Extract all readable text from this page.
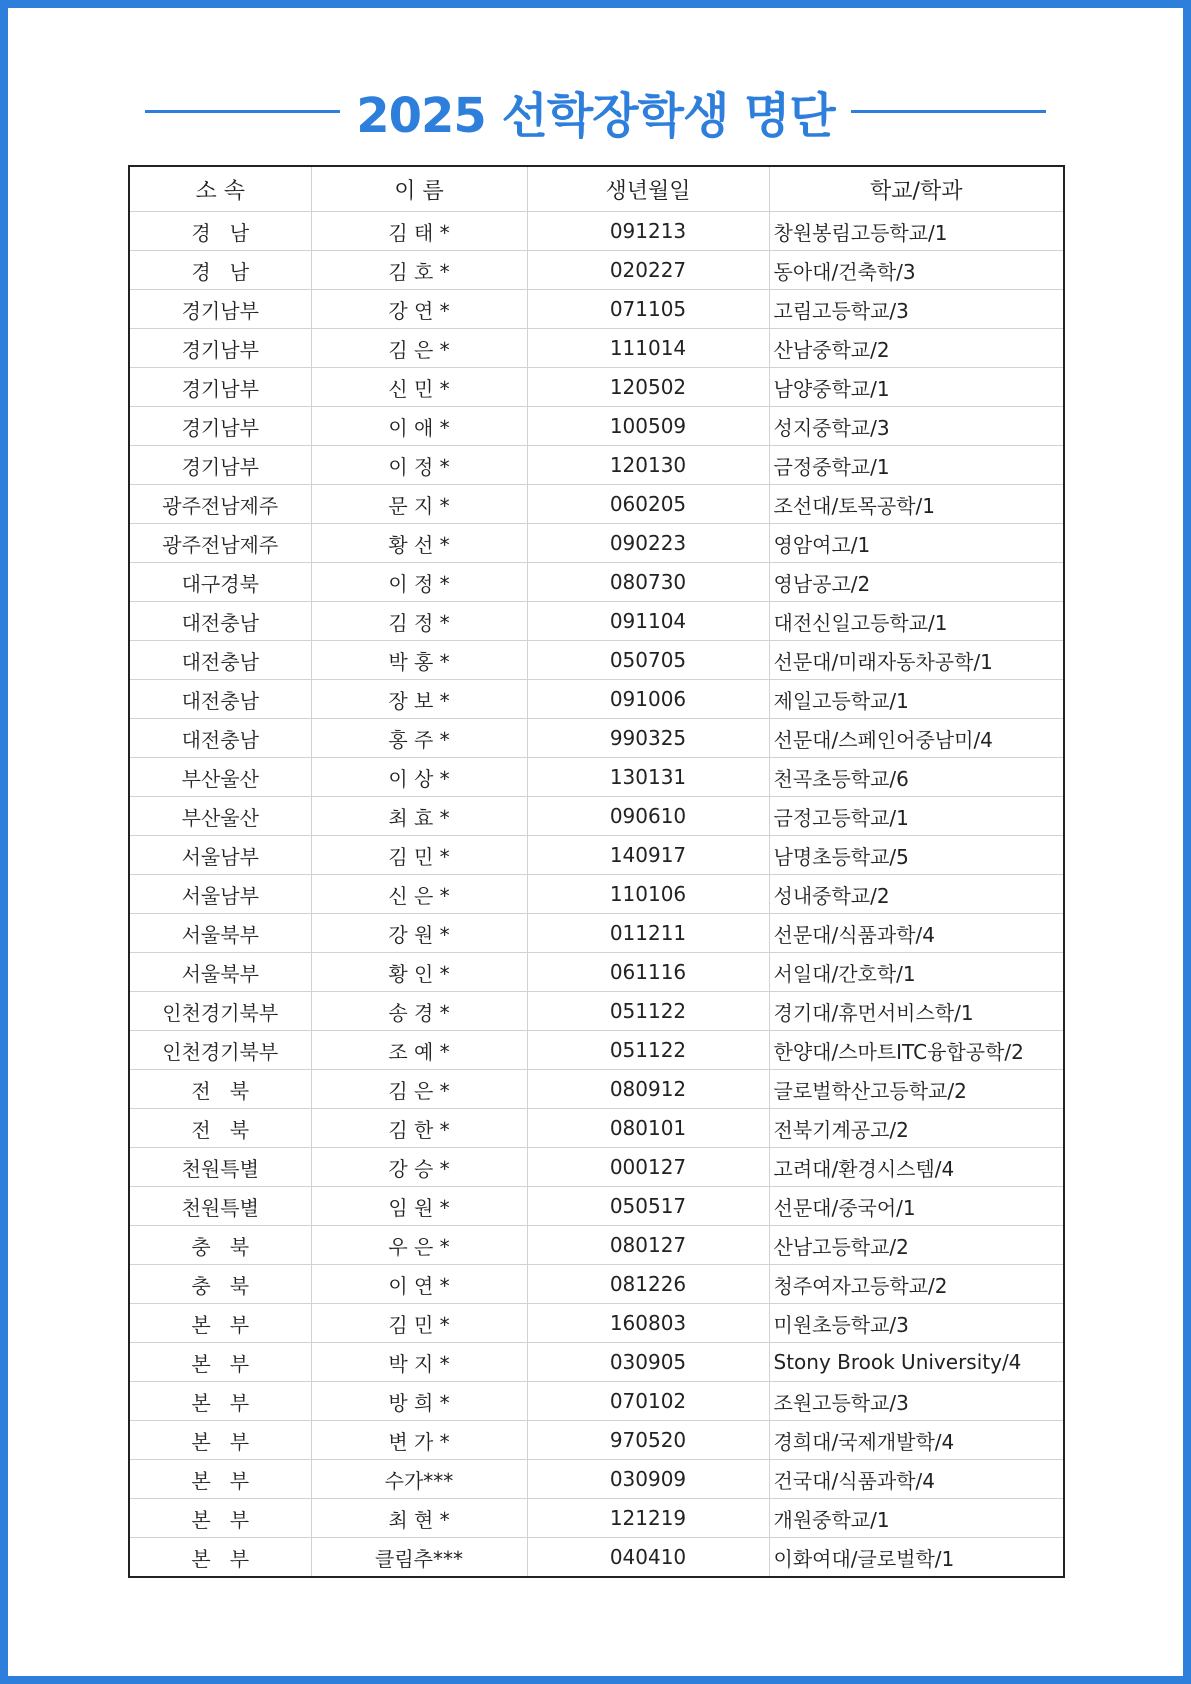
2025 선학장학생 명단
소 속	이 름	생년월일	학교/학과
경   남	김 태 *	091213	창원봉림고등학교/1
경   남	김 호 *	020227	동아대/건축학/3
경기남부	강 연 *	071105	고림고등학교/3
경기남부	김 은 *	111014	산남중학교/2
경기남부	신 민 *	120502	남양중학교/1
경기남부	이 애 *	100509	성지중학교/3
경기남부	이 정 *	120130	금정중학교/1
광주전남제주	문 지 *	060205	조선대/토목공학/1
광주전남제주	황 선 *	090223	영암여고/1
대구경북	이 정 *	080730	영남공고/2
대전충남	김 정 *	091104	대전신일고등학교/1
대전충남	박 홍 *	050705	선문대/미래자동차공학/1
대전충남	장 보 *	091006	제일고등학교/1
대전충남	홍 주 *	990325	선문대/스페인어중남미/4
부산울산	이 상 *	130131	천곡초등학교/6
부산울산	최 효 *	090610	금정고등학교/1
서울남부	김 민 *	140917	남명초등학교/5
서울남부	신 은 *	110106	성내중학교/2
서울북부	강 원 *	011211	선문대/식품과학/4
서울북부	황 인 *	061116	서일대/간호학/1
인천경기북부	송 경 *	051122	경기대/휴먼서비스학/1
인천경기북부	조 예 *	051122	한양대/스마트ITC융합공학/2
전   북	김 은 *	080912	글로벌학산고등학교/2
전   북	김 한 *	080101	전북기계공고/2
천원특별	강 승 *	000127	고려대/환경시스템/4
천원특별	임 원 *	050517	선문대/중국어/1
충   북	우 은 *	080127	산남고등학교/2
충   북	이 연 *	081226	청주여자고등학교/2
본   부	김 민 *	160803	미원초등학교/3
본   부	박 지 *	030905	Stony Brook University/4
본   부	방 희 *	070102	조원고등학교/3
본   부	변 가 *	970520	경희대/국제개발학/4
본   부	수가***	030909	건국대/식품과학/4
본   부	최 현 *	121219	개원중학교/1
본   부	클림추***	040410	이화여대/글로벌학/1
